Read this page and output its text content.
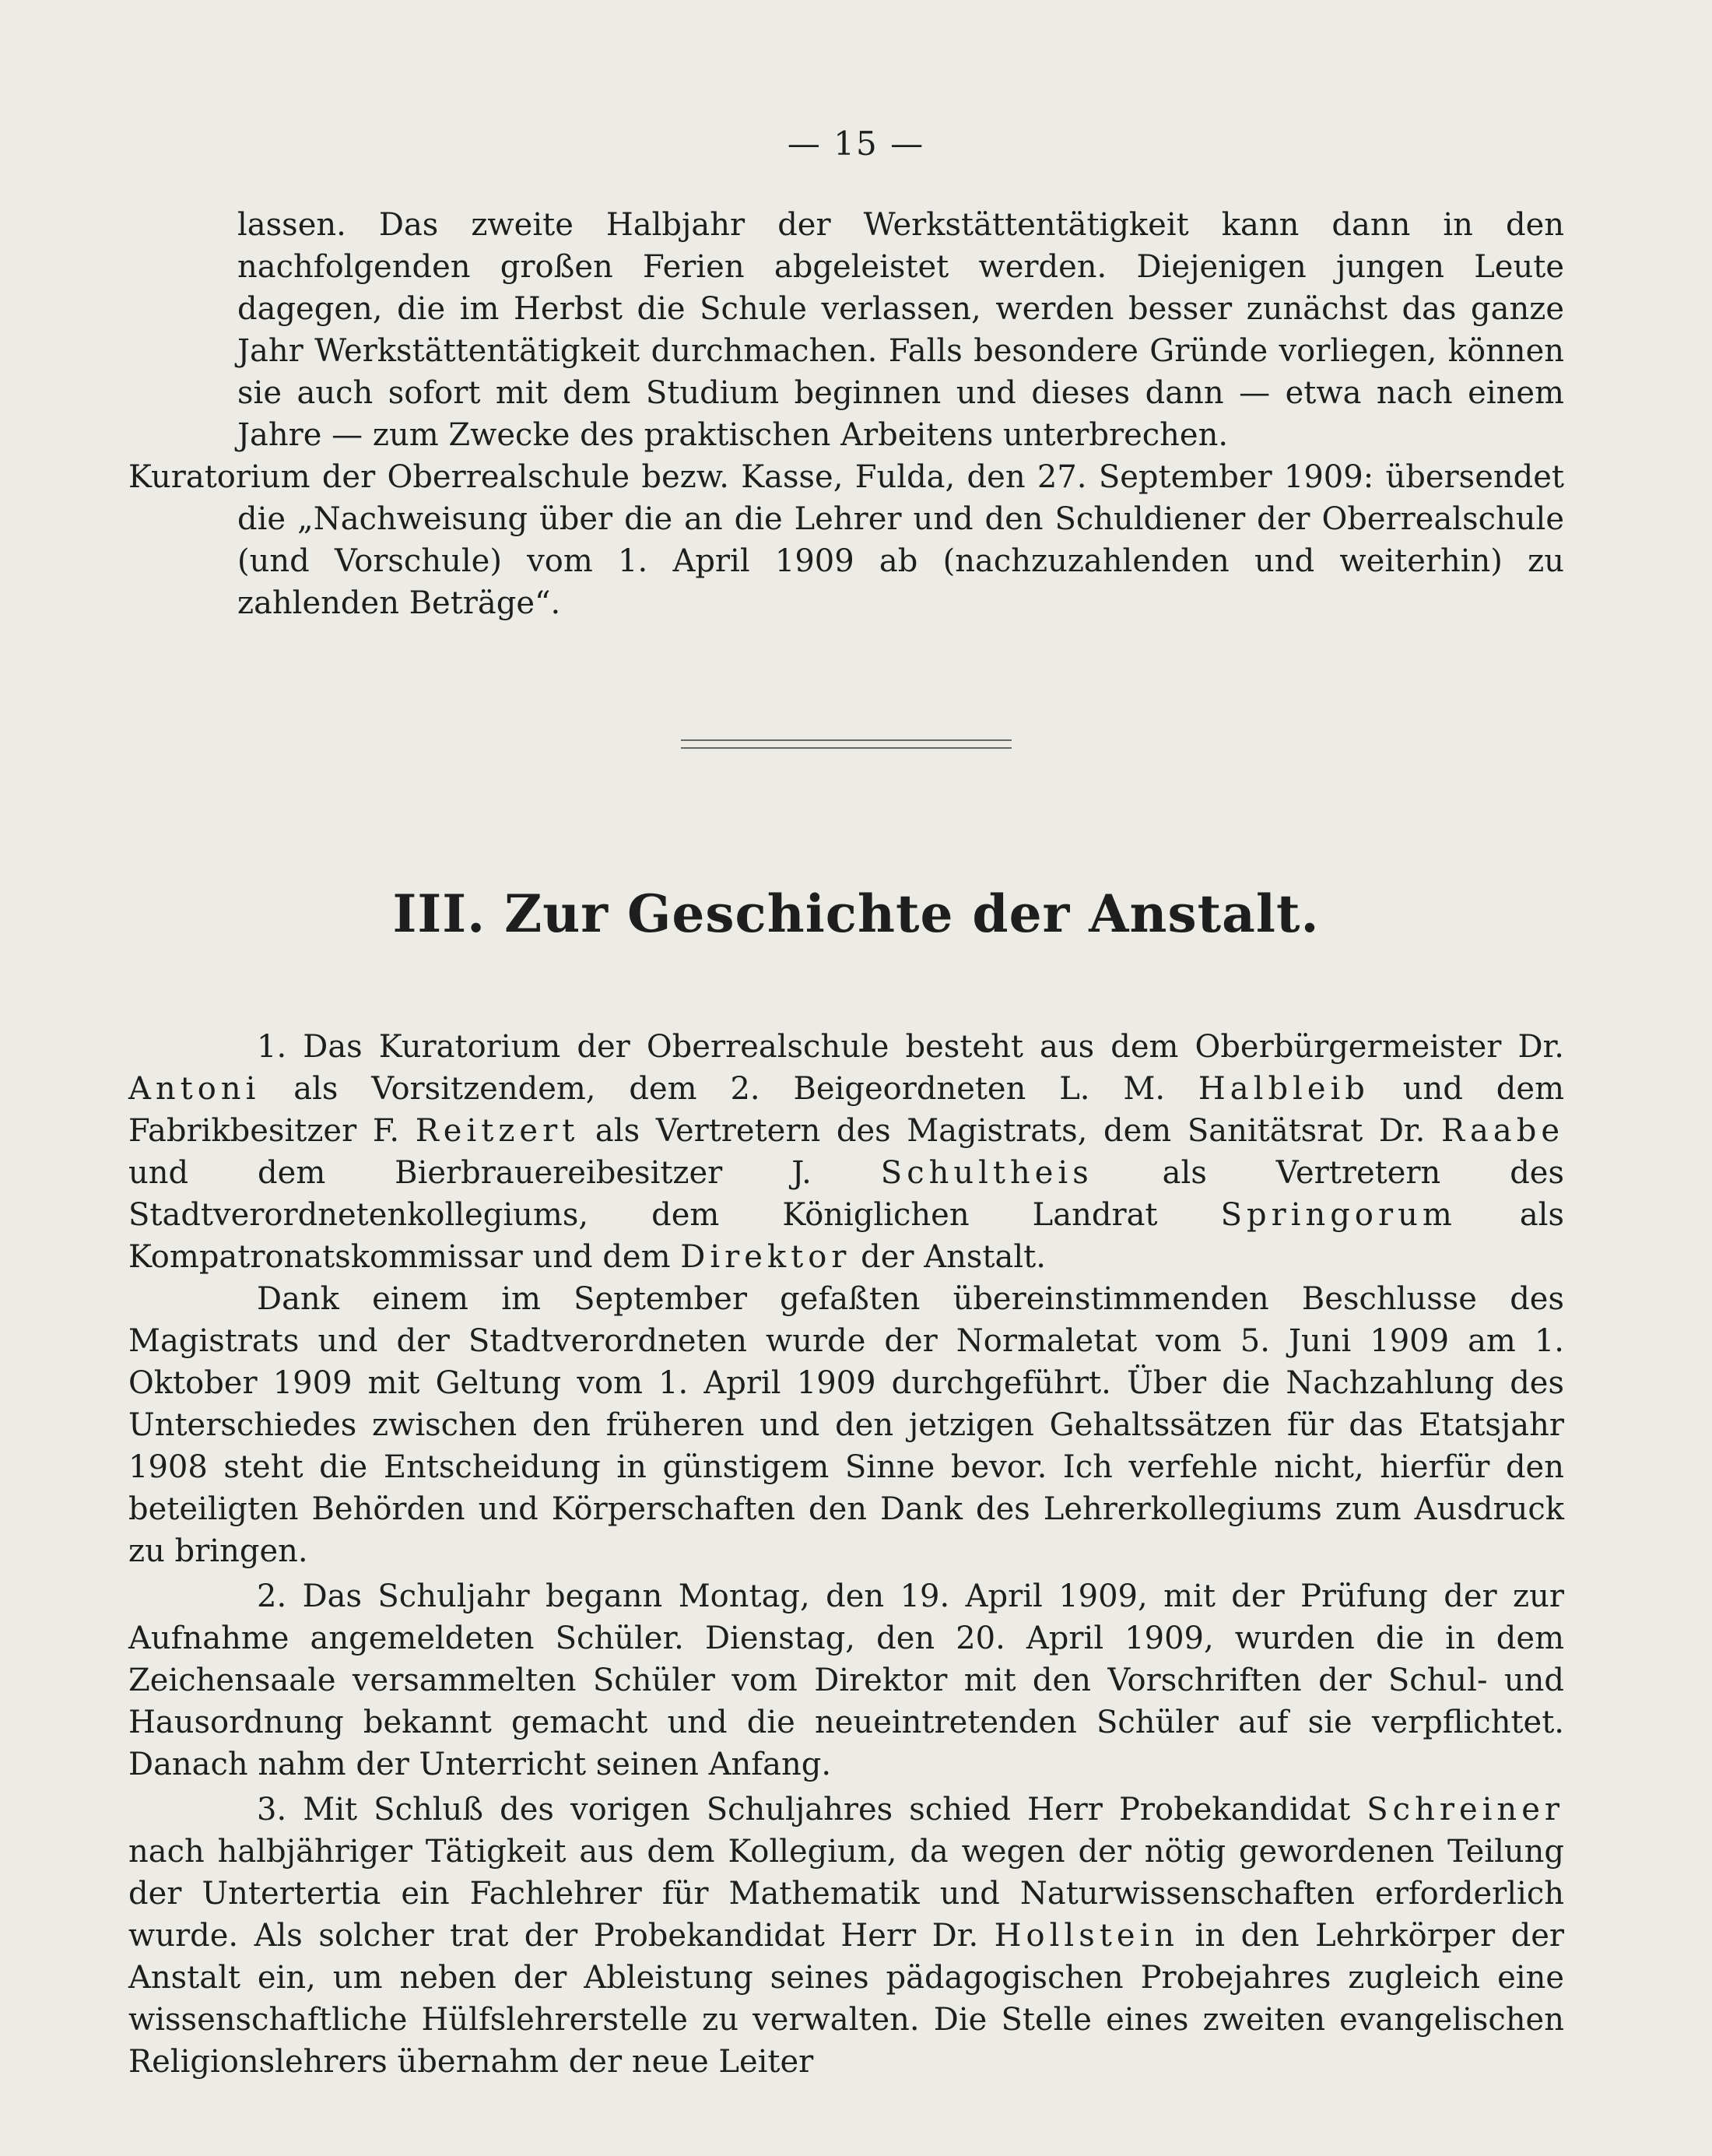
— 15 —

lassen. Das zweite Halbjahr der Werkstättentätigkeit kann dann in den nachfolgenden großen Ferien abgeleistet werden. Diejenigen jungen Leute dagegen, die im Herbst die Schule verlassen, werden besser zunächst das ganze Jahr Werkstättentätigkeit durchmachen. Falls besondere Gründe vorliegen, können sie auch sofort mit dem Studium beginnen und dieses dann — etwa nach einem Jahre — zum Zwecke des praktischen Arbeitens unterbrechen.

Kuratorium der Oberrealschule bezw. Kasse, Fulda, den 27. September 1909: übersendet die „Nachweisung über die an die Lehrer und den Schuldiener der Oberrealschule (und Vorschule) vom 1. April 1909 ab (nachzuzahlenden und weiterhin) zu zahlenden Beträge“.

III. Zur Geschichte der Anstalt.

1. Das Kuratorium der Oberrealschule besteht aus dem Oberbürgermeister Dr. Antoni als Vorsitzendem, dem 2. Beigeordneten L. M. Halbleib und dem Fabrikbesitzer F. Reitzert als Vertretern des Magistrats, dem Sanitätsrat Dr. Raabe und dem Bierbrauereibesitzer J. Schultheis als Vertretern des Stadtverordnetenkollegiums, dem Königlichen Landrat Springorum als Kompatronatskommissar und dem Direktor der Anstalt.

Dank einem im September gefaßten übereinstimmenden Beschlusse des Magistrats und der Stadtverordneten wurde der Normaletat vom 5. Juni 1909 am 1. Oktober 1909 mit Geltung vom 1. April 1909 durchgeführt. Über die Nachzahlung des Unterschiedes zwischen den früheren und den jetzigen Gehaltssätzen für das Etatsjahr 1908 steht die Entscheidung in günstigem Sinne bevor. Ich verfehle nicht, hierfür den beteiligten Behörden und Körperschaften den Dank des Lehrerkollegiums zum Ausdruck zu bringen.

2. Das Schuljahr begann Montag, den 19. April 1909, mit der Prüfung der zur Aufnahme angemeldeten Schüler. Dienstag, den 20. April 1909, wurden die in dem Zeichensaale versammelten Schüler vom Direktor mit den Vorschriften der Schul- und Hausordnung bekannt gemacht und die neueintretenden Schüler auf sie verpflichtet. Danach nahm der Unterricht seinen Anfang.

3. Mit Schluß des vorigen Schuljahres schied Herr Probekandidat Schreiner nach halbjähriger Tätigkeit aus dem Kollegium, da wegen der nötig gewordenen Teilung der Untertertia ein Fachlehrer für Mathematik und Naturwissenschaften erforderlich wurde. Als solcher trat der Probekandidat Herr Dr. Hollstein in den Lehrkörper der Anstalt ein, um neben der Ableistung seines pädagogischen Probejahres zugleich eine wissenschaftliche Hülfslehrerstelle zu verwalten. Die Stelle eines zweiten evangelischen Religionslehrers übernahm der neue Leiter
